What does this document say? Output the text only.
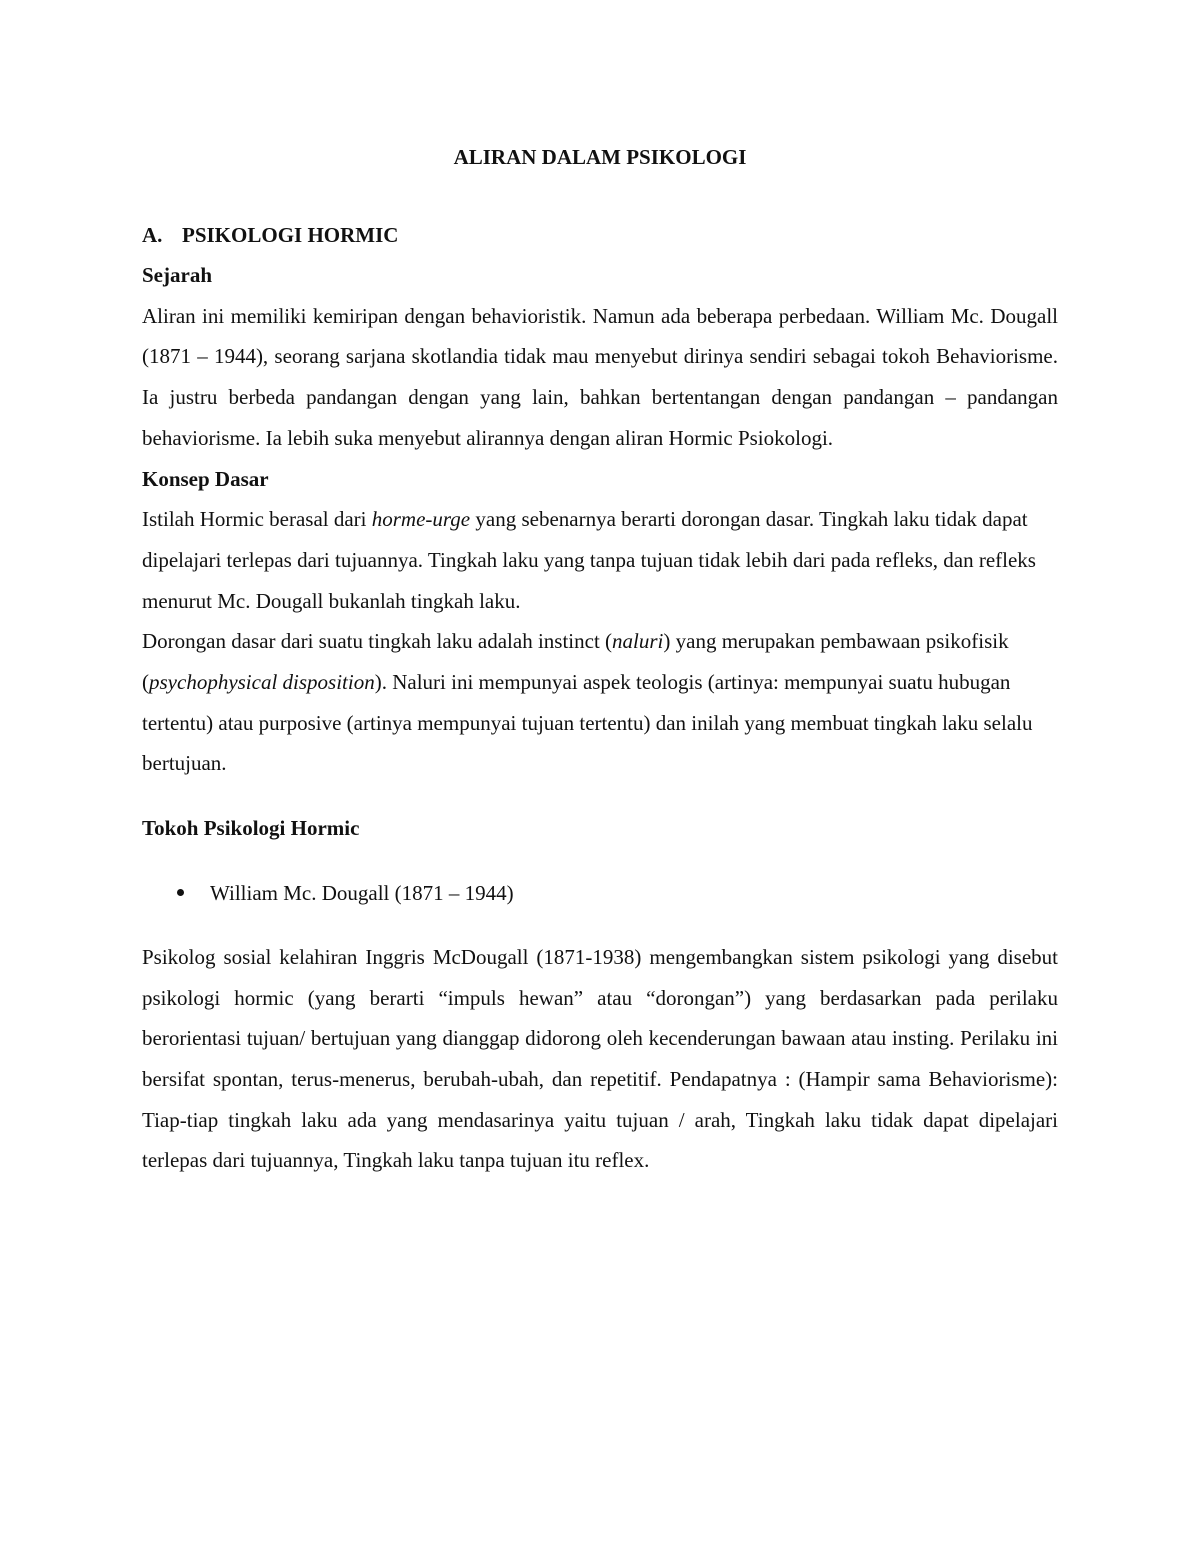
ALIRAN DALAM PSIKOLOGI
A. PSIKOLOGI HORMIC

Sejarah

Aliran ini memiliki kemiripan dengan behavioristik. Namun ada beberapa perbedaan. William Mc. Dougall (1871 – 1944), seorang sarjana skotlandia tidak mau menyebut dirinya sendiri sebagai tokoh Behaviorisme. Ia justru berbeda pandangan dengan yang lain, bahkan bertentangan dengan pandangan – pandangan behaviorisme. Ia lebih suka menyebut alirannya dengan aliran Hormic Psiokologi.

Konsep Dasar

Istilah Hormic berasal dari horme-urge yang sebenarnya berarti dorongan dasar. Tingkah laku tidak dapat dipelajari terlepas dari tujuannya. Tingkah laku yang tanpa tujuan tidak lebih dari pada refleks, dan refleks menurut Mc. Dougall bukanlah tingkah laku.

Dorongan dasar dari suatu tingkah laku adalah instinct (naluri) yang merupakan pembawaan psikofisik (psychophysical disposition). Naluri ini mempunyai aspek teologis (artinya: mempunyai suatu hubugan tertentu) atau purposive (artinya mempunyai tujuan tertentu) dan inilah yang membuat tingkah laku selalu bertujuan.

Tokoh Psikologi Hormic

William Mc. Dougall (1871 – 1944)

Psikolog sosial kelahiran Inggris McDougall (1871-1938) mengembangkan sistem psikologi yang disebut psikologi hormic (yang berarti “impuls hewan” atau “dorongan”) yang berdasarkan pada perilaku berorientasi tujuan/ bertujuan yang dianggap didorong oleh kecenderungan bawaan atau insting. Perilaku ini bersifat spontan, terus-menerus, berubah-ubah, dan repetitif. Pendapatnya : (Hampir sama Behaviorisme): Tiap-tiap tingkah laku ada yang mendasarinya yaitu tujuan / arah, Tingkah laku tidak dapat dipelajari terlepas dari tujuannya, Tingkah laku tanpa tujuan itu reflex.
